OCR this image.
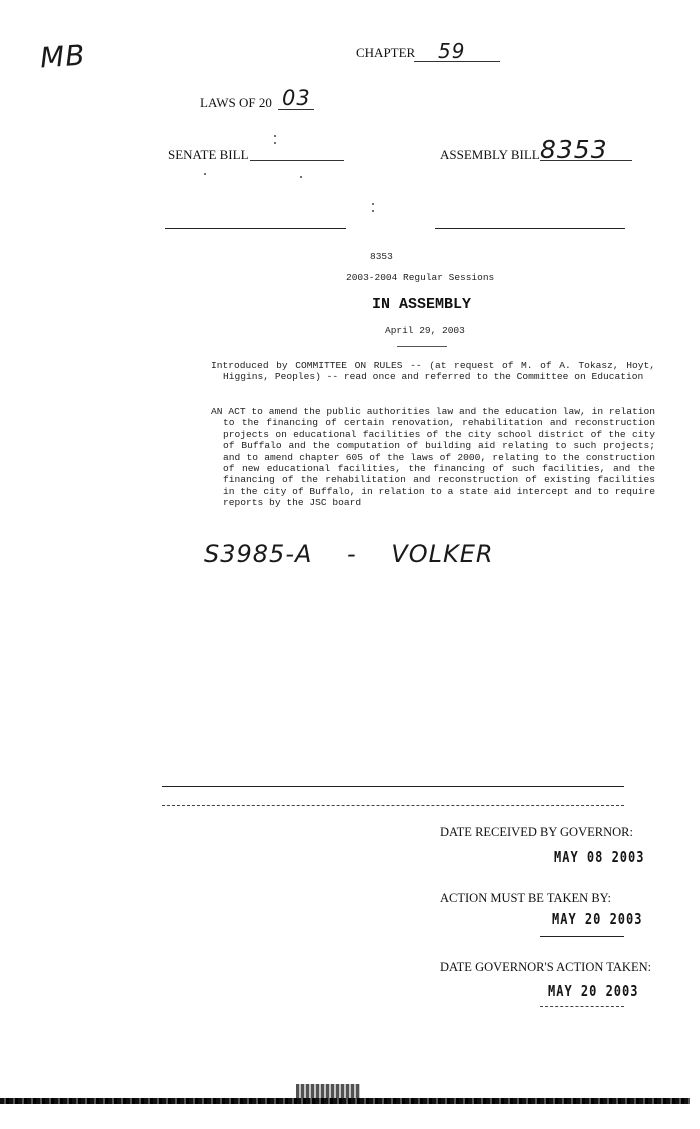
MB	CHAPTER 59
LAWS OF 20 03
SENATE BILL	ASSEMBLY BILL 8353
8353
2003-2004 Regular Sessions
IN ASSEMBLY
April 29, 2003
Introduced by COMMITTEE ON RULES -- (at request of M. of A. Tokasz, Hoyt, Higgins, Peoples) -- read once and referred to the Committee on Education
AN ACT to amend the public authorities law and the education law, in relation to the financing of certain renovation, rehabilitation and reconstruction projects on educational facilities of the city school district of the city of Buffalo and the computation of building aid relating to such projects; and to amend chapter 605 of the laws of 2000, relating to the construction of new educational facilities, the financing of such facilities, and the financing of the rehabilitation and reconstruction of existing facilities in the city of Buffalo, in relation to a state aid intercept and to require reports by the JSC board
S3985-A - VOLKER
DATE RECEIVED BY GOVERNOR:
MAY 08 2003
ACTION MUST BE TAKEN BY:
MAY 20 2003
DATE GOVERNOR'S ACTION TAKEN:
MAY 20 2003
